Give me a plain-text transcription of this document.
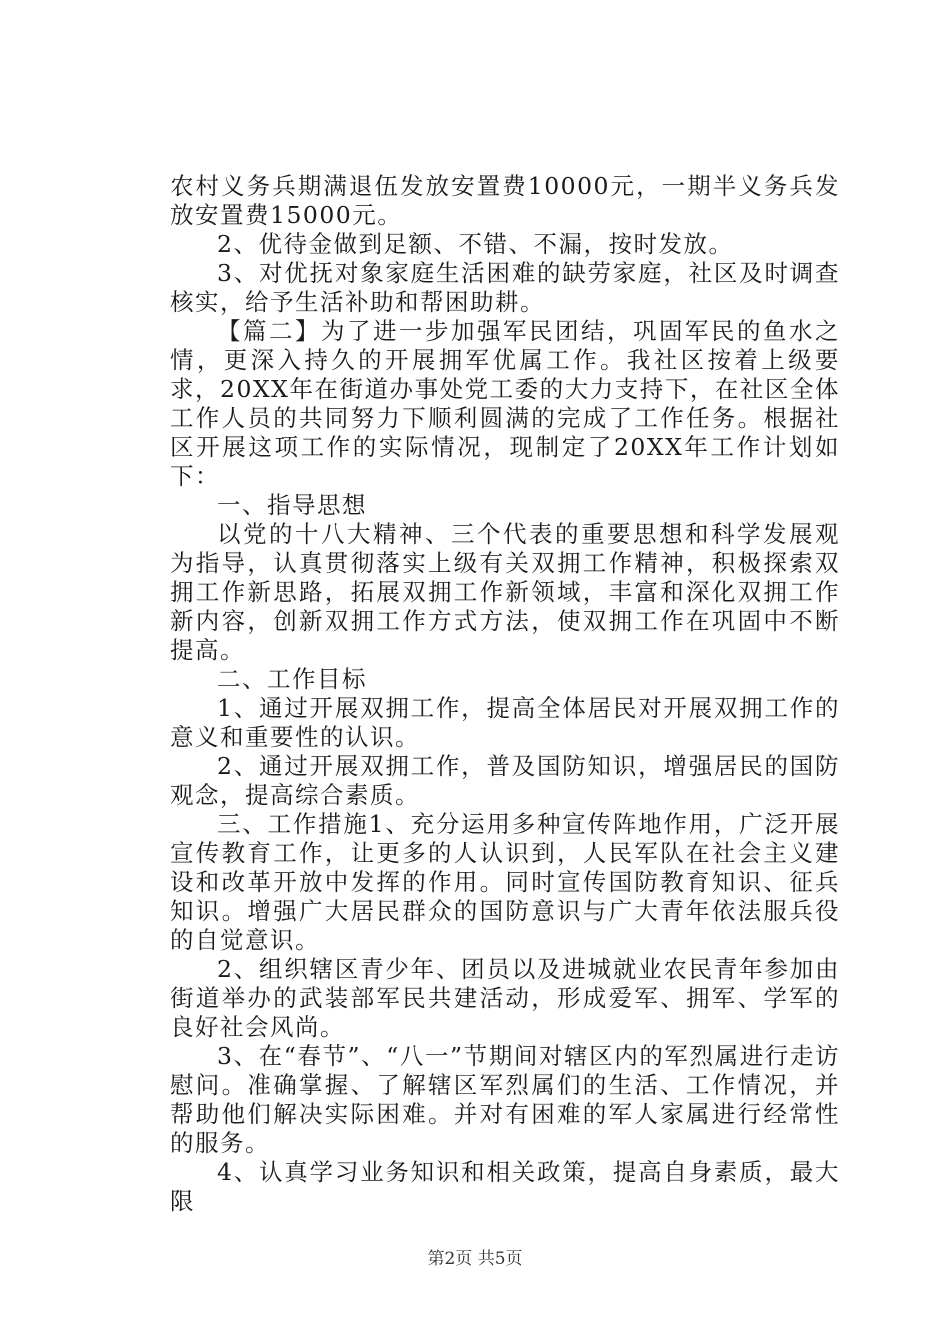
农村义务兵期满退伍发放安置费10000元，一期半义务兵发放安置费15000元。

2、优待金做到足额、不错、不漏，按时发放。

3、对优抚对象家庭生活困难的缺劳家庭，社区及时调查核实，给予生活补助和帮困助耕。

【篇二】为了进一步加强军民团结，巩固军民的鱼水之情，更深入持久的开展拥军优属工作。我社区按着上级要求，20XX年在街道办事处党工委的大力支持下，在社区全体工作人员的共同努力下顺利圆满的完成了工作任务。根据社区开展这项工作的实际情况，现制定了20XX年工作计划如下：

一、指导思想

以党的十八大精神、三个代表的重要思想和科学发展观为指导，认真贯彻落实上级有关双拥工作精神，积极探索双拥工作新思路，拓展双拥工作新领域，丰富和深化双拥工作新内容，创新双拥工作方式方法，使双拥工作在巩固中不断提高。

二、工作目标

1、通过开展双拥工作，提高全体居民对开展双拥工作的意义和重要性的认识。

2、通过开展双拥工作，普及国防知识，增强居民的国防观念，提高综合素质。

三、工作措施1、充分运用多种宣传阵地作用，广泛开展宣传教育工作，让更多的人认识到，人民军队在社会主义建设和改革开放中发挥的作用。同时宣传国防教育知识、征兵知识。增强广大居民群众的国防意识与广大青年依法服兵役的自觉意识。

2、组织辖区青少年、团员以及进城就业农民青年参加由街道举办的武装部军民共建活动，形成爱军、拥军、学军的良好社会风尚。

3、在“春节”、“八一”节期间对辖区内的军烈属进行走访慰问。准确掌握、了解辖区军烈属们的生活、工作情况，并帮助他们解决实际困难。并对有困难的军人家属进行经常性的服务。

4、认真学习业务知识和相关政策，提高自身素质，最大限

第2页 共5页
